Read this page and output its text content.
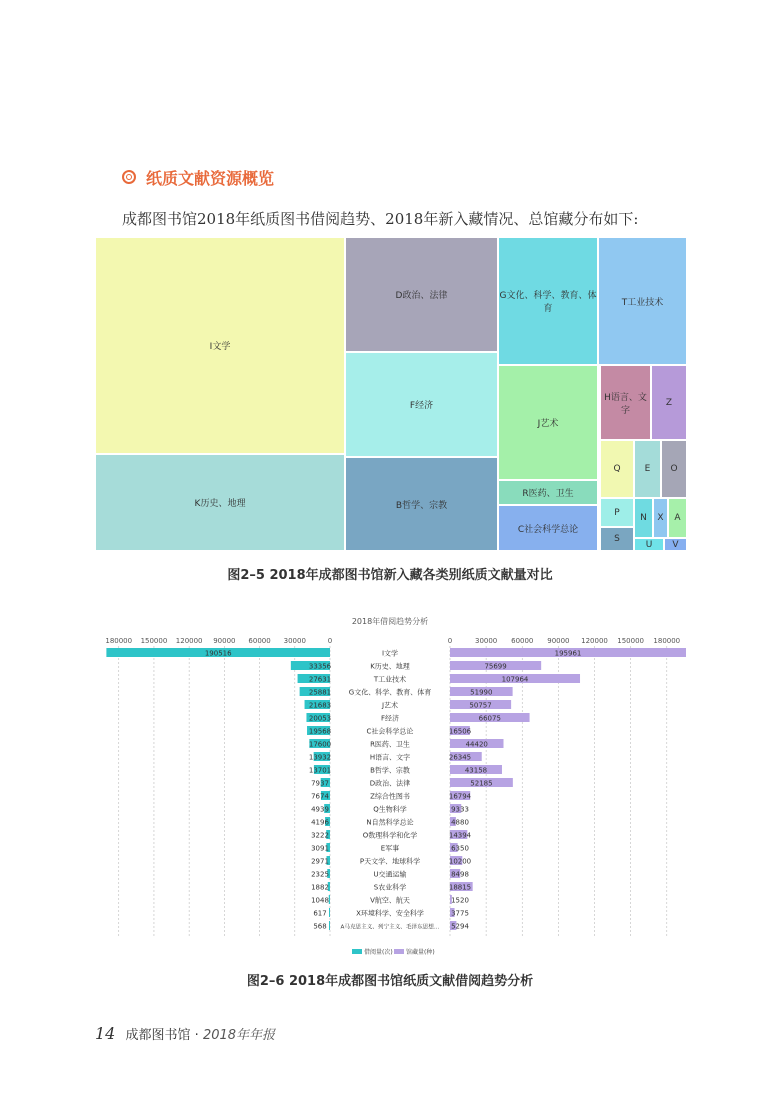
纸质文献资源概览
成都图书馆2018年纸质图书借阅趋势、2018年新入藏情况、总馆藏分布如下:
I文学
K历史、地理
D政治、法律
F经济
B哲学、宗教
G文化、科学、教育、体育
T工业技术
J艺术
R医药、卫生
C社会科学总论
H语言、文字
Z
Q	E	O
P
N	X	A
S
U	V
图2–5 2018年成都图书馆新入藏各类别纸质文献量对比
2018年借阅趋势分析
180000 150000 120000 90000 60000 30000	0	0	30000 60000 90000 120000 150000 180000
190516	195961
I文学
33356	75699
K历史、地理
27631	107964
T工业技术
25881	51990
G文化、科学、教育、体育
21683	50757
J艺术
20053	66075
F经济
19568	16506
C社会科学总论
17600	44420
R医药、卫生
13932	26345
H语言、文字
13701	43158
B哲学、宗教
7937	52185
D政治、法律
7674	16794
Z综合性图书
4939	9333
Q生物科学
4196	4880
N自然科学总论
3222	14394
O数理科学和化学
3091	6350
E军事
2971	10200
P天文学、地球科学
2325	8498
U交通运输
1882	18815
S农业科学
1048	1520
V航空、航天
617	3775
X环境科学、安全科学
568	5294
A马克思主义、列宁主义、毛泽东思想…
借阅量(次) 馆藏量(种)
图2–6 2018年成都图书馆纸质文献借阅趋势分析
14 成都图书馆 · 2018年年报
